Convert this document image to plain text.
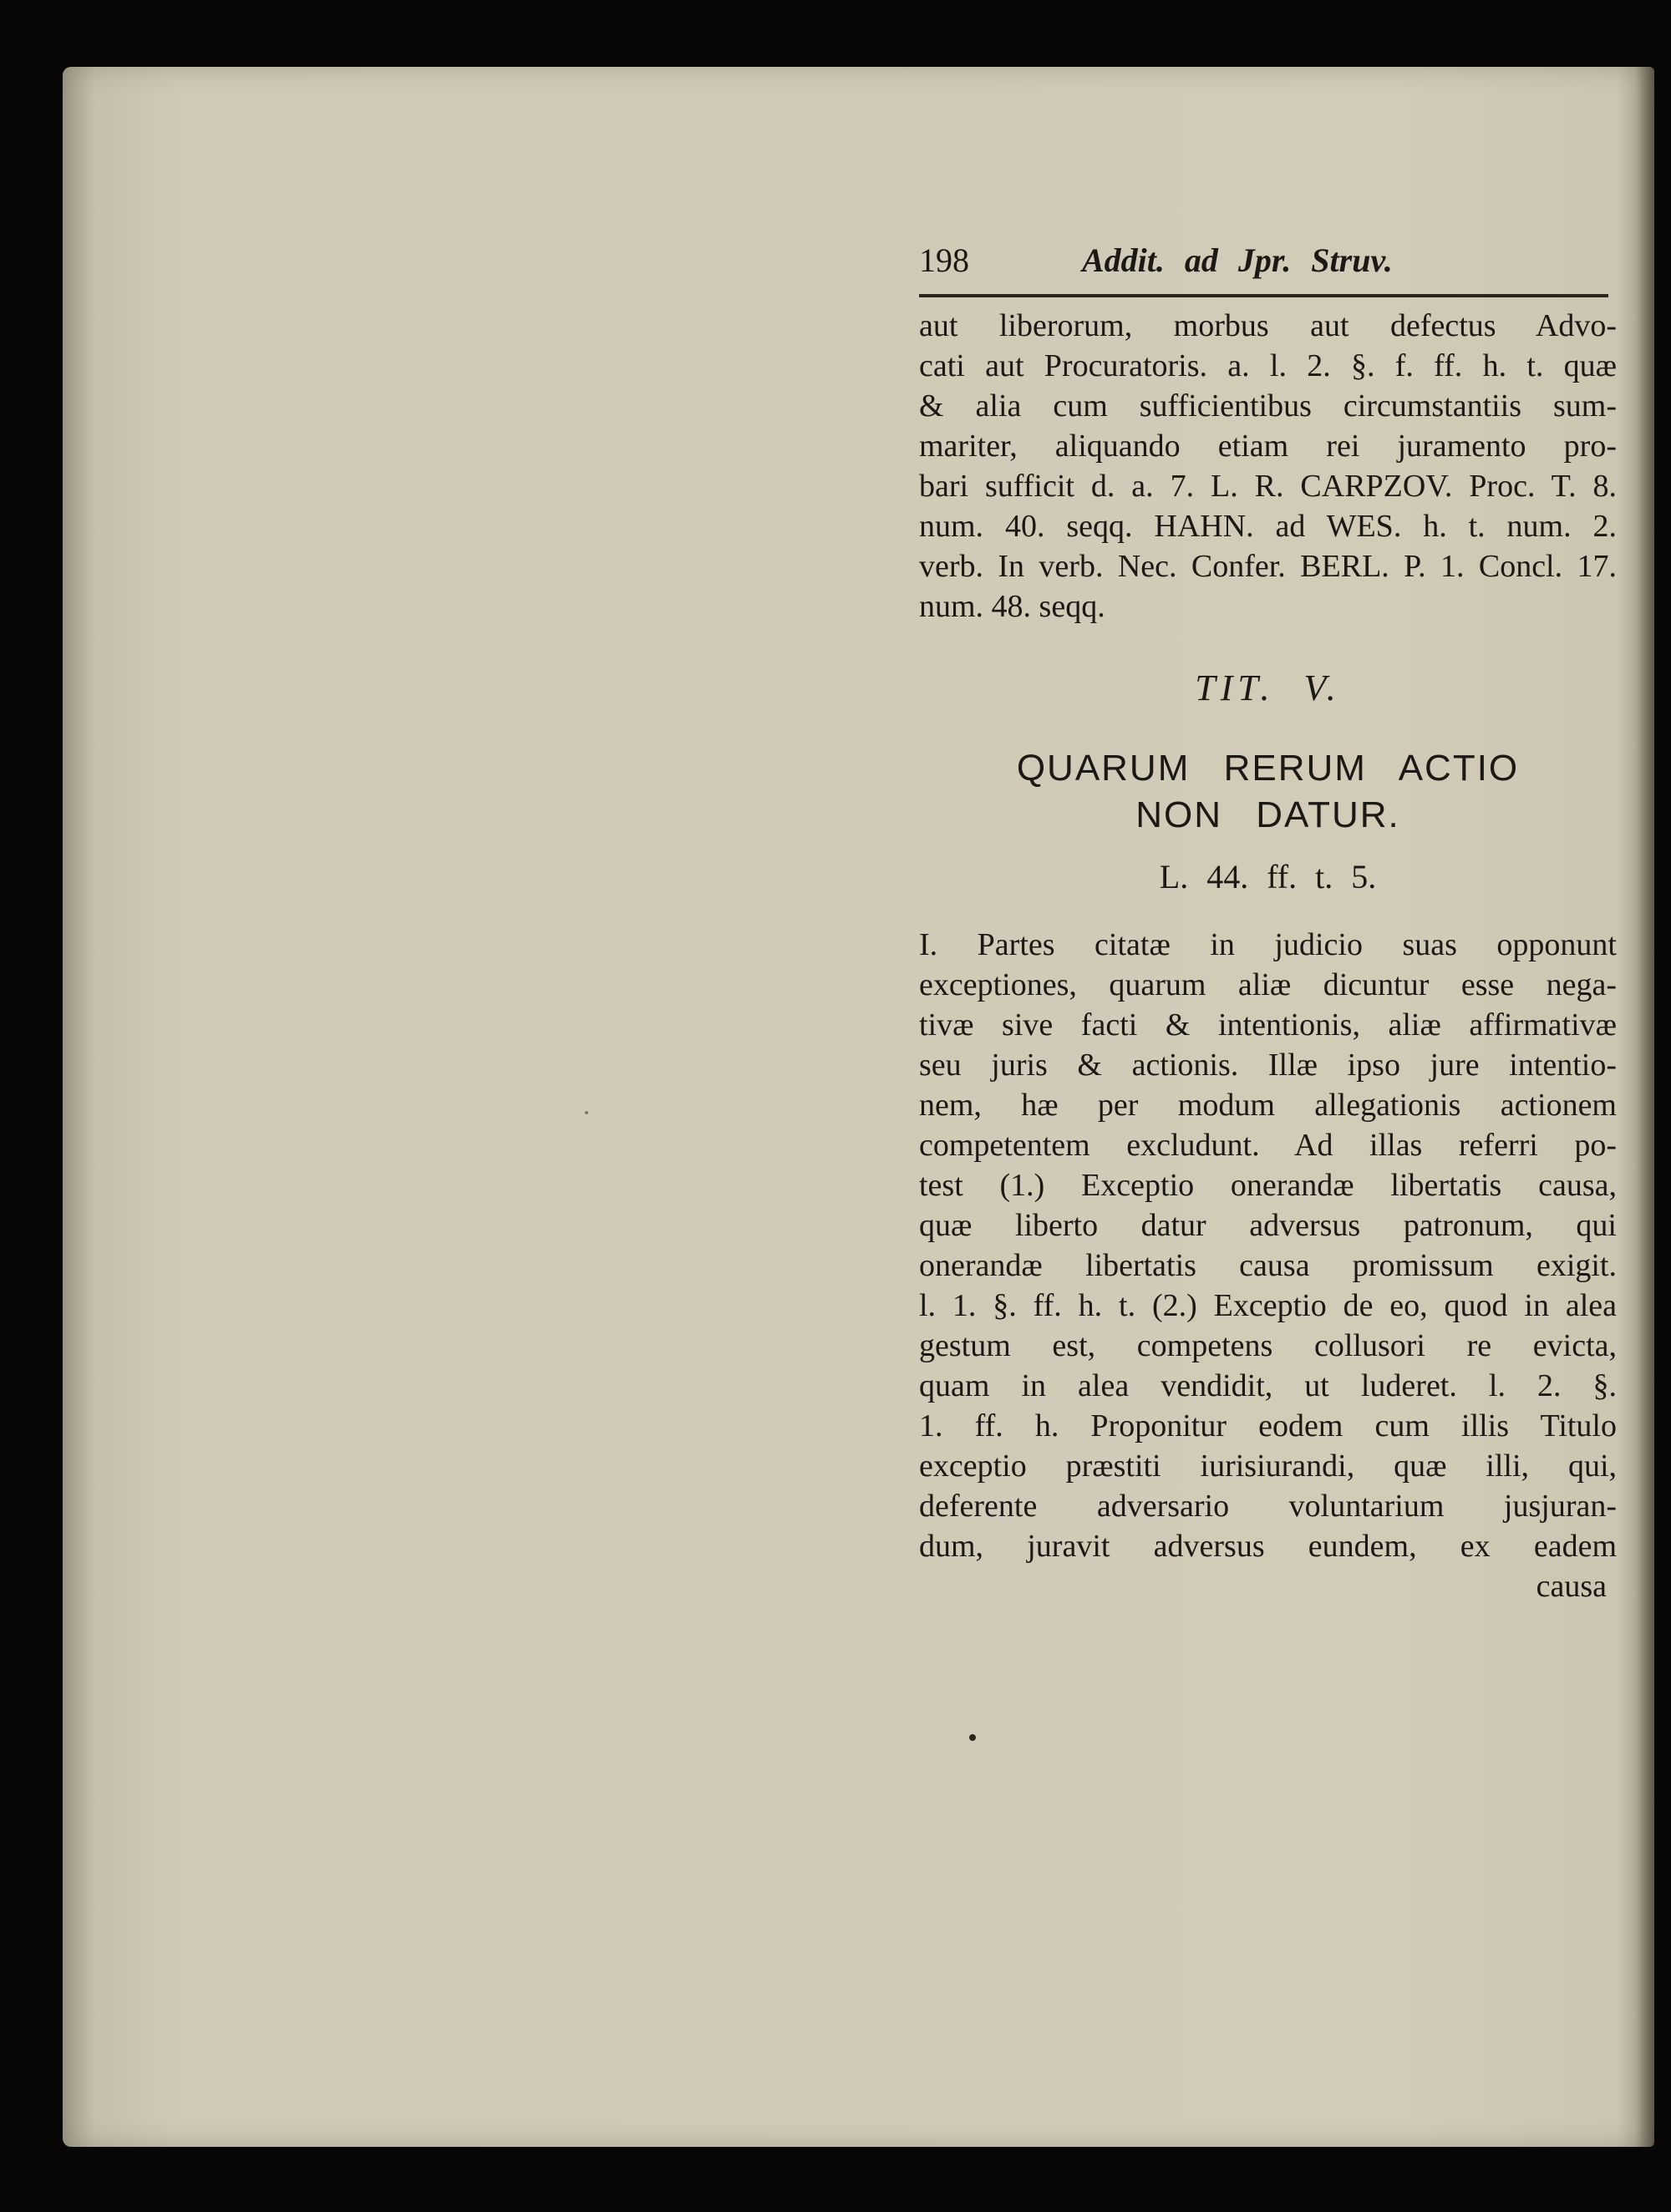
198	Addit. ad Jpr. Struv.
aut liberorum, morbus aut defectus Advo-
cati aut Procuratoris. a. l. 2. §. f. ff. h. t. quæ
& alia cum sufficientibus circumstantiis sum-
mariter, aliquando etiam rei juramento pro-
bari sufficit d. a. 7. L. R. CARPZOV. Proc. T. 8.
num. 40. seqq. HAHN. ad WES. h. t. num. 2.
verb. In verb. Nec. Confer. BERL. P. 1. Concl. 17.
num. 48. seqq.
TIT. V.
QUARUM RERUM ACTIO
NON DATUR.
L. 44. ff. t. 5.
I. Partes citatæ in judicio suas opponunt
exceptiones, quarum aliæ dicuntur esse nega-
tivæ sive facti & intentionis, aliæ affirmativæ
seu juris & actionis. Illæ ipso jure intentio-
nem, hæ per modum allegationis actionem
competentem excludunt. Ad illas referri po-
test (1.) Exceptio onerandæ libertatis causa,
quæ liberto datur adversus patronum, qui
onerandæ libertatis causa promissum exigit.
l. 1. §. ff. h. t. (2.) Exceptio de eo, quod in alea
gestum est, competens collusori re evicta,
quam in alea vendidit, ut luderet. l. 2. §.
1. ff. h. Proponitur eodem cum illis Titulo
exceptio præstiti iurisiurandi, quæ illi, qui,
deferente adversario voluntarium jusjuran-
dum, juravit adversus eundem, ex eadem
causa
